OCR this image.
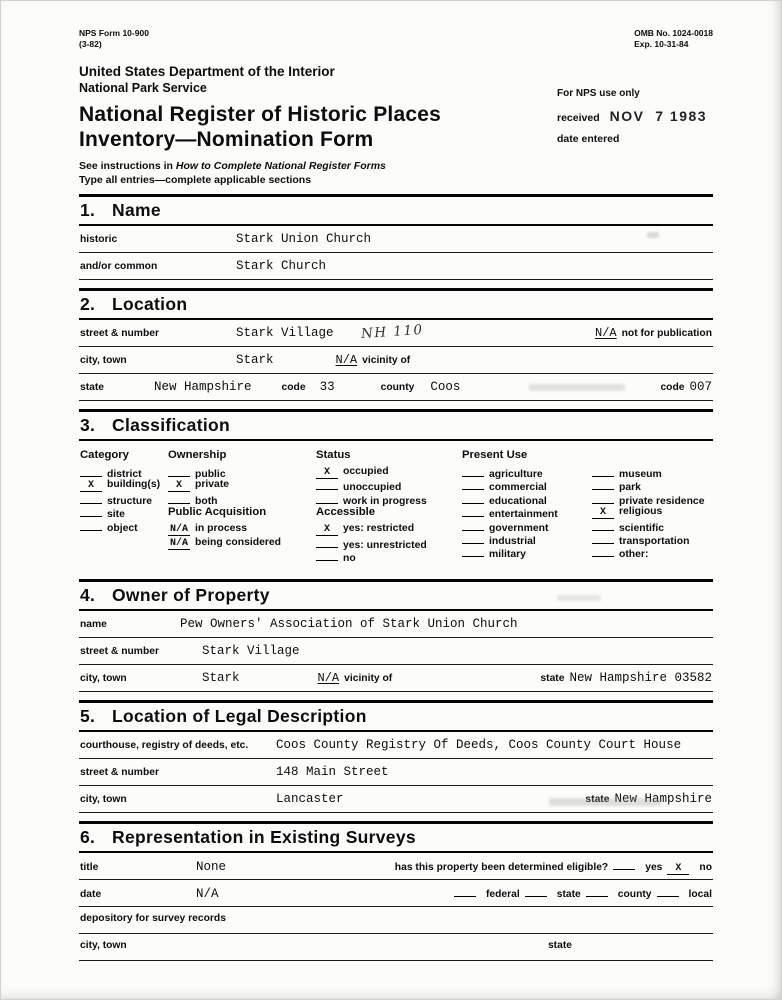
NPS Form 10-900
(3-82)
OMB No. 1024-0018
Exp. 10-31-84
United States Department of the Interior
National Park Service	For NPS use only
received NOV  7 1983
date entered
National Register of Historic Places
Inventory—Nomination Form
See instructions in How to Complete National Register Forms
Type all entries—complete applicable sections
1. Name
historic	Stark Union Church
and/or common	Stark Church
2. Location
street & number	Stark Village NH 110	N/A not for publication
city, town	Stark	N/A vicinity of
state	New Hampshire	code 33	county Coos	code 007
3. Classification
Category
district
X	building(s)
structure
site
object
Ownership
public
X	private
both
Public Acquisition
N/A in process
N/A being considered
Status
X	occupied
unoccupied
work in progress
Accessible
X	yes: restricted
yes: unrestricted
no
Present Use
agriculture
commercial
educational
entertainment
government
industrial
military
museum
park
private residence
X	religious
scientific
transportation
other:
4. Owner of Property
name	Pew Owners' Association of Stark Union Church
street & number	Stark Village
city, town	Stark	N/A vicinity of	state New Hampshire 03582
5. Location of Legal Description
courthouse, registry of deeds, etc.	Coos County Registry Of Deeds, Coos County Court House
street & number	148 Main Street
city, town	Lancaster	state New Hampshire
6. Representation in Existing Surveys
title	None	has this property been determined eligible?	yes	X	no
date	N/A	federal	state	county	local
depository for survey records
city, town	state
